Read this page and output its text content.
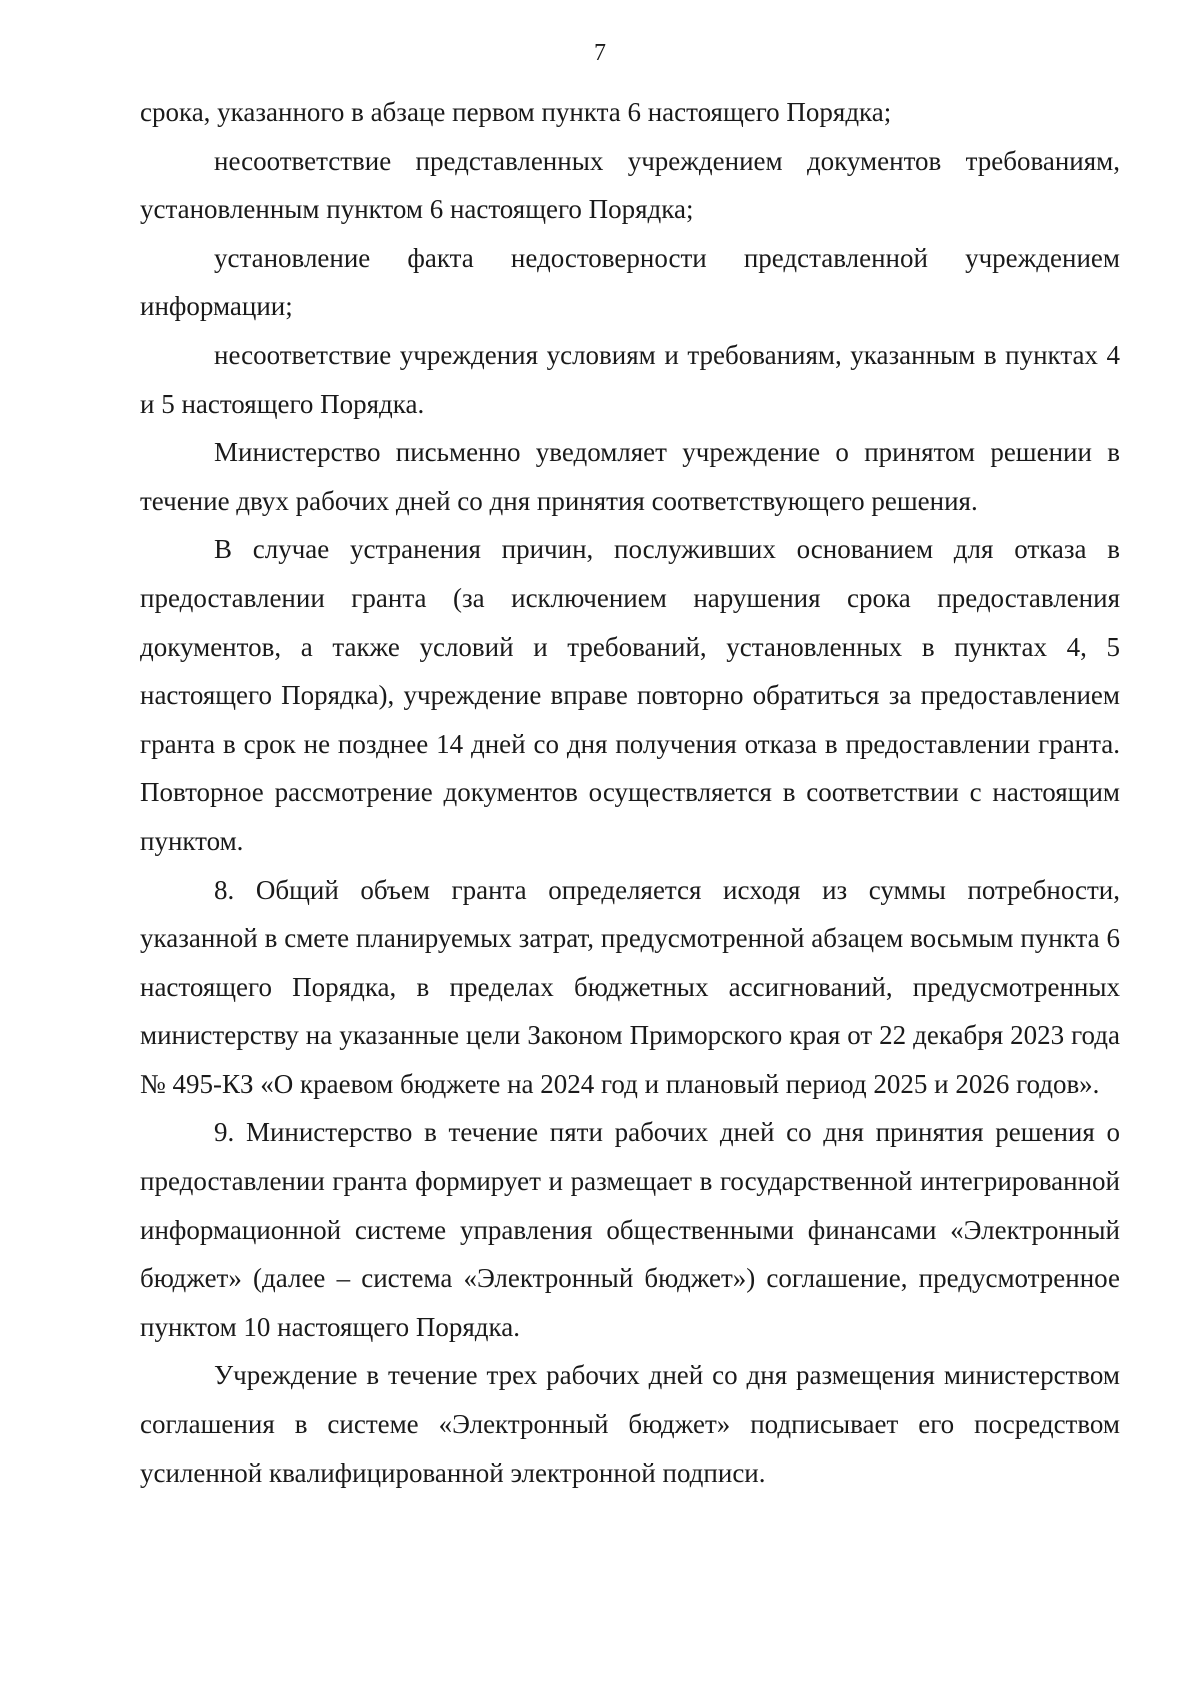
7

срока, указанного в абзаце первом пункта 6 настоящего Порядка;

несоответствие представленных учреждением документов требованиям, установленным пунктом 6 настоящего Порядка;

установление факта недостоверности представленной учреждением информации;

несоответствие учреждения условиям и требованиям, указанным в пунктах 4 и 5 настоящего Порядка.

Министерство письменно уведомляет учреждение о принятом решении в течение двух рабочих дней со дня принятия соответствующего решения.

В случае устранения причин, послуживших основанием для отказа в предоставлении гранта (за исключением нарушения срока предоставления документов, а также условий и требований, установленных в пунктах 4, 5 настоящего Порядка), учреждение вправе повторно обратиться за предоставлением гранта в срок не позднее 14 дней со дня получения отказа в предоставлении гранта. Повторное рассмотрение документов осуществляется в соответствии с настоящим пунктом.

8. Общий объем гранта определяется исходя из суммы потребности, указанной в смете планируемых затрат, предусмотренной абзацем восьмым пункта 6 настоящего Порядка, в пределах бюджетных ассигнований, предусмотренных министерству на указанные цели Законом Приморского края от 22 декабря 2023 года № 495-КЗ «О краевом бюджете на 2024 год и плановый период 2025 и 2026 годов».

9. Министерство в течение пяти рабочих дней со дня принятия решения о предоставлении гранта формирует и размещает в государственной интегрированной информационной системе управления общественными финансами «Электронный бюджет» (далее – система «Электронный бюджет») соглашение, предусмотренное пунктом 10 настоящего Порядка.

Учреждение в течение трех рабочих дней со дня размещения министерством соглашения в системе «Электронный бюджет» подписывает его посредством усиленной квалифицированной электронной подписи.
